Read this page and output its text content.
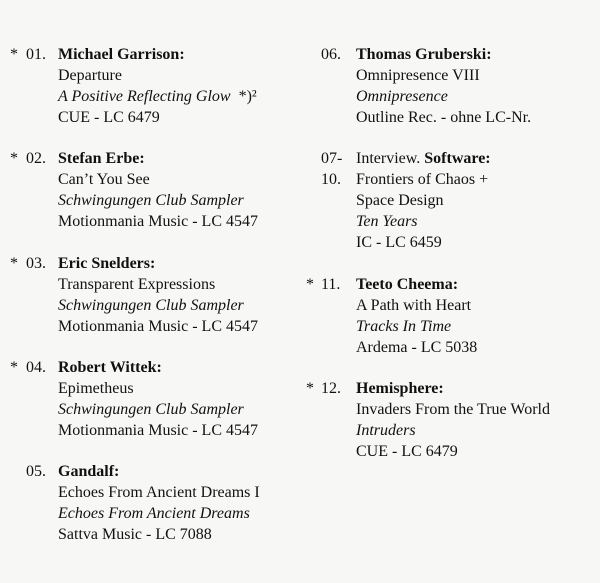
* 01. Michael Garrison:
Departure
A Positive Reflecting Glow *)²
CUE - LC 6479
* 02. Stefan Erbe:
Can’t You See
Schwingungen Club Sampler
Motionmania Music - LC 4547
* 03. Eric Snelders:
Transparent Expressions
Schwingungen Club Sampler
Motionmania Music - LC 4547
* 04. Robert Wittek:
Epimetheus
Schwingungen Club Sampler
Motionmania Music - LC 4547
05. Gandalf:
Echoes From Ancient Dreams I
Echoes From Ancient Dreams
Sattva Music - LC 7088
06. Thomas Gruberski:
Omnipresence VIII
Omnipresence
Outline Rec. - ohne LC-Nr.
07-
10.
Interview. Software:
Frontiers of Chaos +
Space Design
Ten Years
IC - LC 6459
* 11. Teeto Cheema:
A Path with Heart
Tracks In Time
Ardema - LC 5038
* 12. Hemisphere:
Invaders From the True World
Intruders
CUE - LC 6479
